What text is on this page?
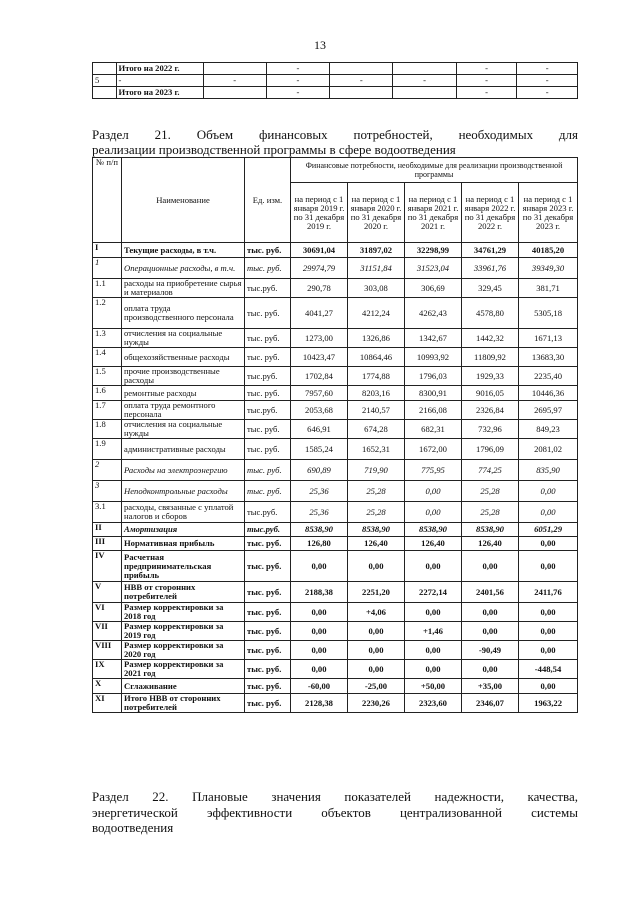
13
	Итого на 2022 г.		-			-	-
5	-	-	-	-	-	-	-
	Итого на 2023 г.		-			-	-
Раздел 21. Объем финансовых потребностей, необходимых для
реализации производственной программы в сфере водоотведения
№ п/п	Наименование	Ед. изм.	Финансовые потребности, необходимые для реализации производственной программы				
			на период с 1 января 2019 г. по 31 декабря 2019 г.	на период с 1 января 2020 г. по 31 декабря 2020 г.	на период с 1 января 2021 г. по 31 декабря 2021 г.	на период с 1 января 2022 г. по 31 декабря 2022 г.	на период с 1 января 2023 г. по 31 декабря 2023 г.
I	Текущие расходы, в т.ч.	тыс. руб.	30691,04	31897,02	32298,99	34761,29	40185,20
1	Операционные расходы, в т.ч.	тыс. руб.	29974,79	31151,84	31523,04	33961,76	39349,30
1.1	расходы на приобретение сырья и материалов	тыс.руб.	290,78	303,08	306,69	329,45	381,71
1.2	оплата труда производственного персонала	тыс. руб.	4041,27	4212,24	4262,43	4578,80	5305,18
1.3	отчисления на социальные нужды	тыс. руб.	1273,00	1326,86	1342,67	1442,32	1671,13
1.4	общехозяйственные расходы	тыс. руб.	10423,47	10864,46	10993,92	11809,92	13683,30
1.5	прочие производственные расходы	тыс.руб.	1702,84	1774,88	1796,03	1929,33	2235,40
1.6	ремонтные расходы	тыс. руб.	7957,60	8203,16	8300,91	9016,05	10446,36
1.7	оплата труда ремонтного персонала	тыс.руб.	2053,68	2140,57	2166,08	2326,84	2695,97
1.8	отчисления на социальные нужды	тыс. руб.	646,91	674,28	682,31	732,96	849,23
1.9	административные расходы	тыс. руб.	1585,24	1652,31	1672,00	1796,09	2081,02
2	Расходы на электроэнергию	тыс. руб.	690,89	719,90	775,95	774,25	835,90
3	Неподконтрольные расходы	тыс. руб.	25,36	25,28	0,00	25,28	0,00
3.1	расходы, связанные с уплатой налогов и сборов	тыс.руб.	25,36	25,28	0,00	25,28	0,00
II	Амортизация	тыс.руб.	8538,90	8538,90	8538,90	8538,90	6051,29
III	Нормативная прибыль	тыс. руб.	126,80	126,40	126,40	126,40	0,00
IV	Расчетная предпринимательская прибыль	тыс. руб.	0,00	0,00	0,00	0,00	0,00
V	НВВ от сторонних потребителей	тыс. руб.	2188,38	2251,20	2272,14	2401,56	2411,76
VI	Размер корректировки за 2018 год	тыс. руб.	0,00	+4,06	0,00	0,00	0,00
VII	Размер корректировки за 2019 год	тыс. руб.	0,00	0,00	+1,46	0,00	0,00
VIII	Размер корректировки за 2020 год	тыс. руб.	0,00	0,00	0,00	-90,49	0,00
IX	Размер корректировки за 2021 год	тыс. руб.	0,00	0,00	0,00	0,00	-448,54
X	Сглаживание	тыс. руб.	-60,00	-25,00	+50,00	+35,00	0,00
XI	Итого НВВ от сторонних потребителей	тыс. руб.	2128,38	2230,26	2323,60	2346,07	1963,22
Раздел 22. Плановые значения показателей надежности, качества,
энергетической эффективности объектов централизованной системы
водоотведения
